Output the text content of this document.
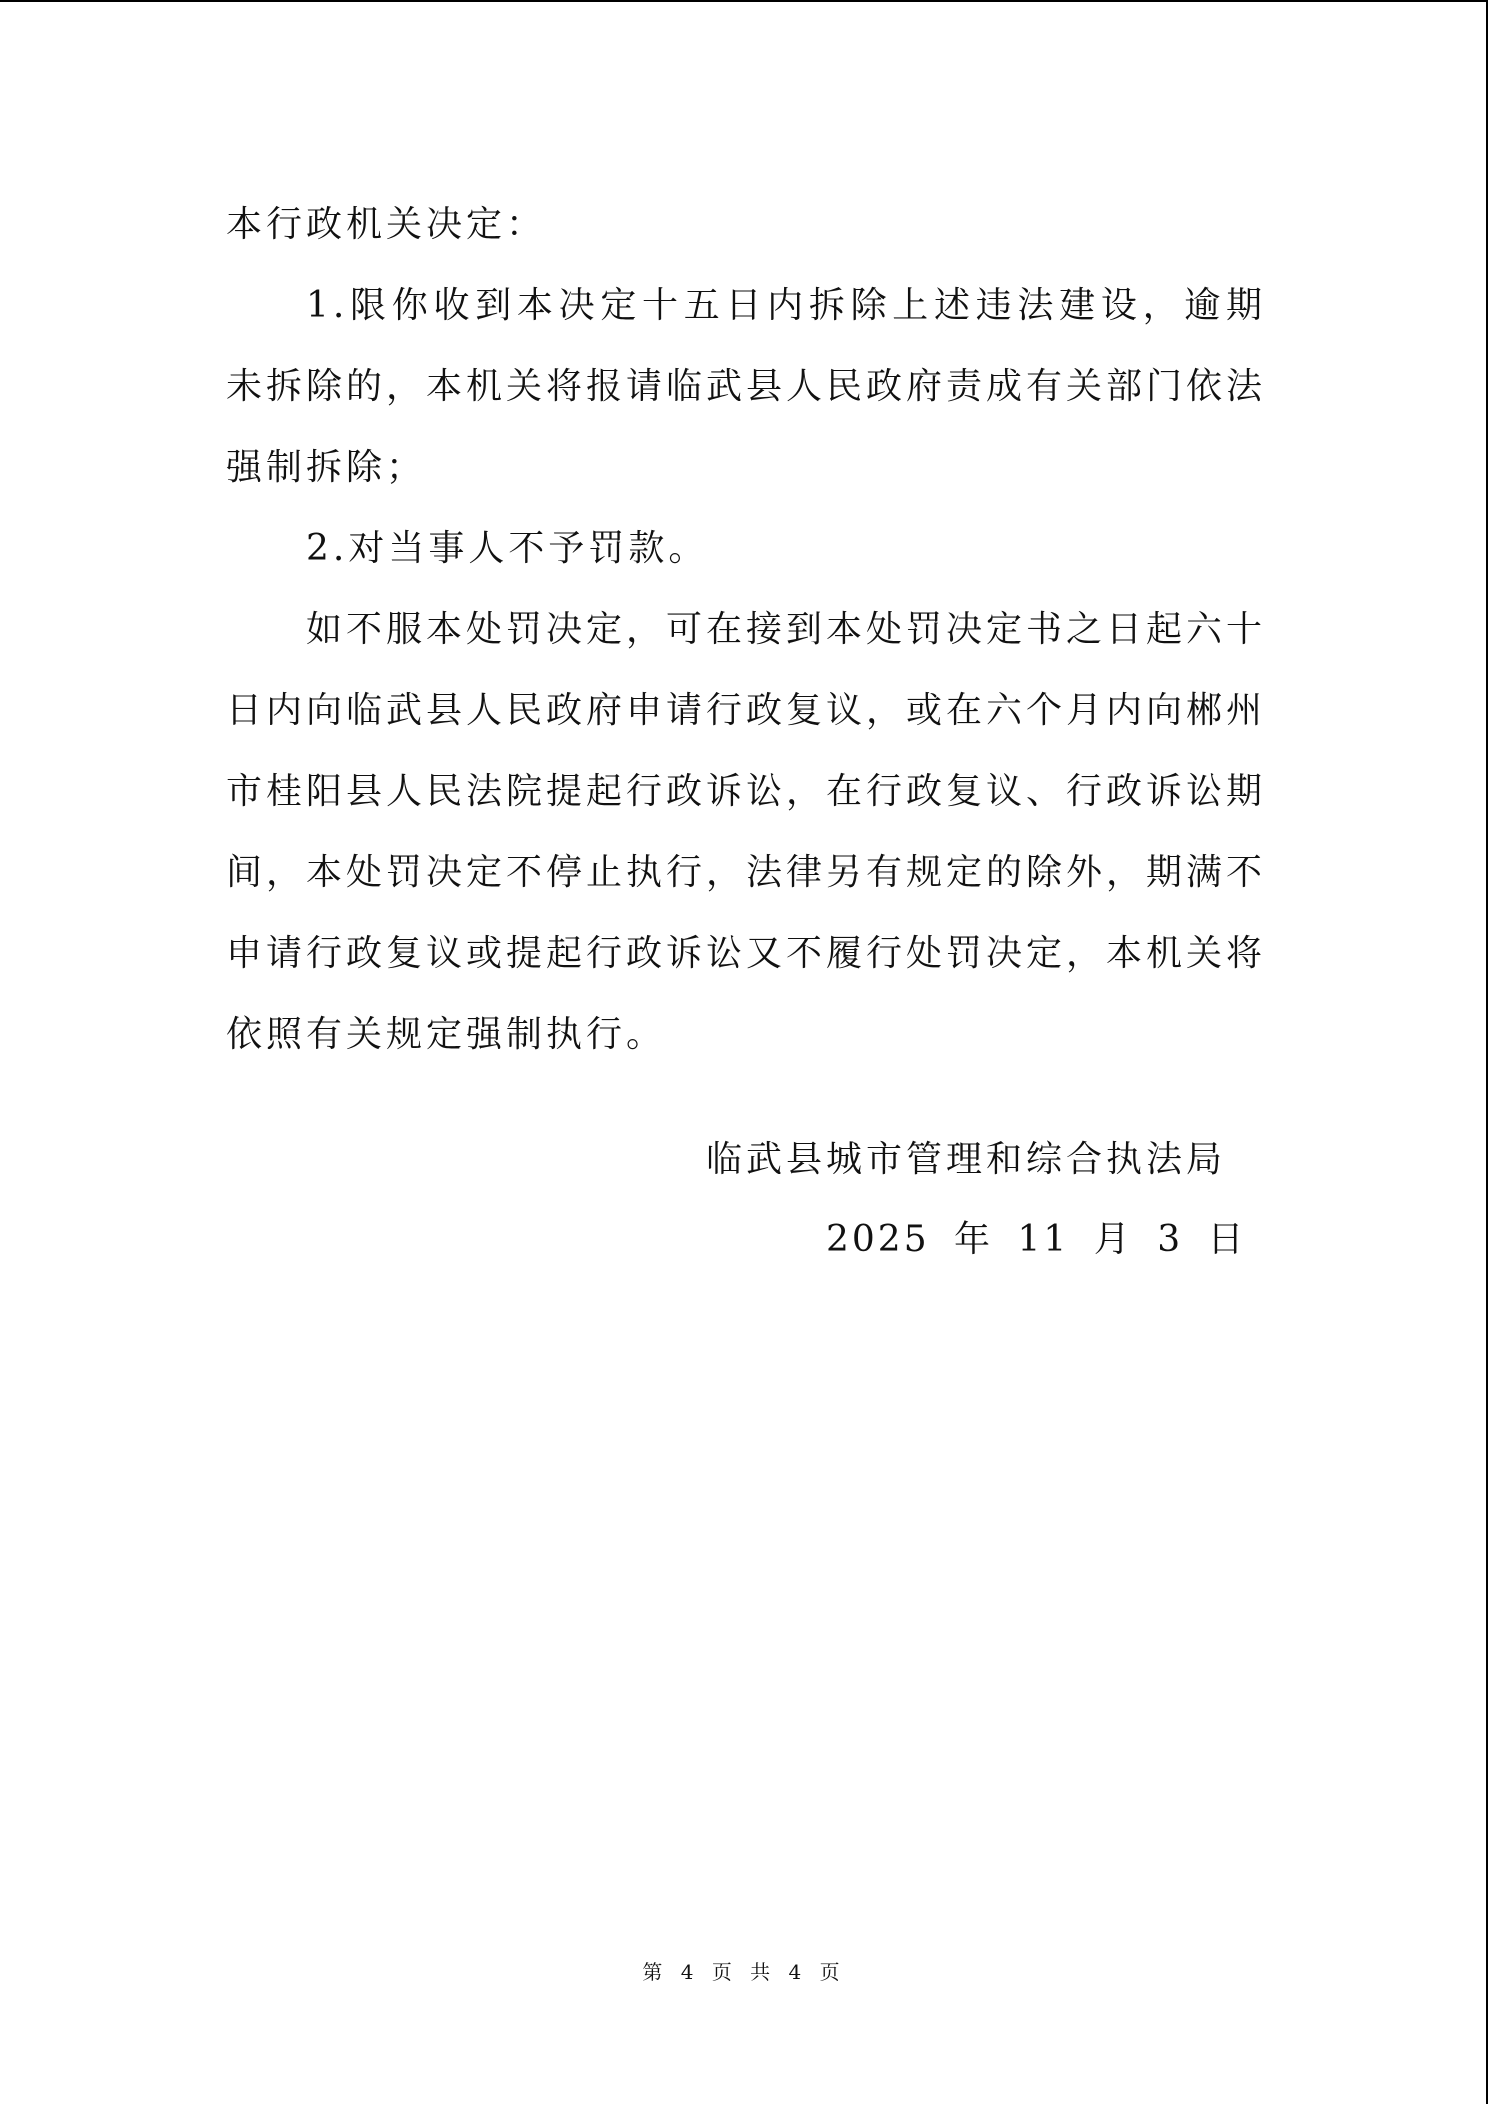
本行政机关决定：

1.限你收到本决定十五日内拆除上述违法建设，逾期未拆除的，本机关将报请临武县人民政府责成有关部门依法强制拆除；

2.对当事人不予罚款。

如不服本处罚决定，可在接到本处罚决定书之日起六十日内向临武县人民政府申请行政复议，或在六个月内向郴州市桂阳县人民法院提起行政诉讼，在行政复议、行政诉讼期间，本处罚决定不停止执行，法律另有规定的除外，期满不申请行政复议或提起行政诉讼又不履行处罚决定，本机关将依照有关规定强制执行。

临武县城市管理和综合执法局
2025 年 11 月 3 日
第 4 页 共 4 页
